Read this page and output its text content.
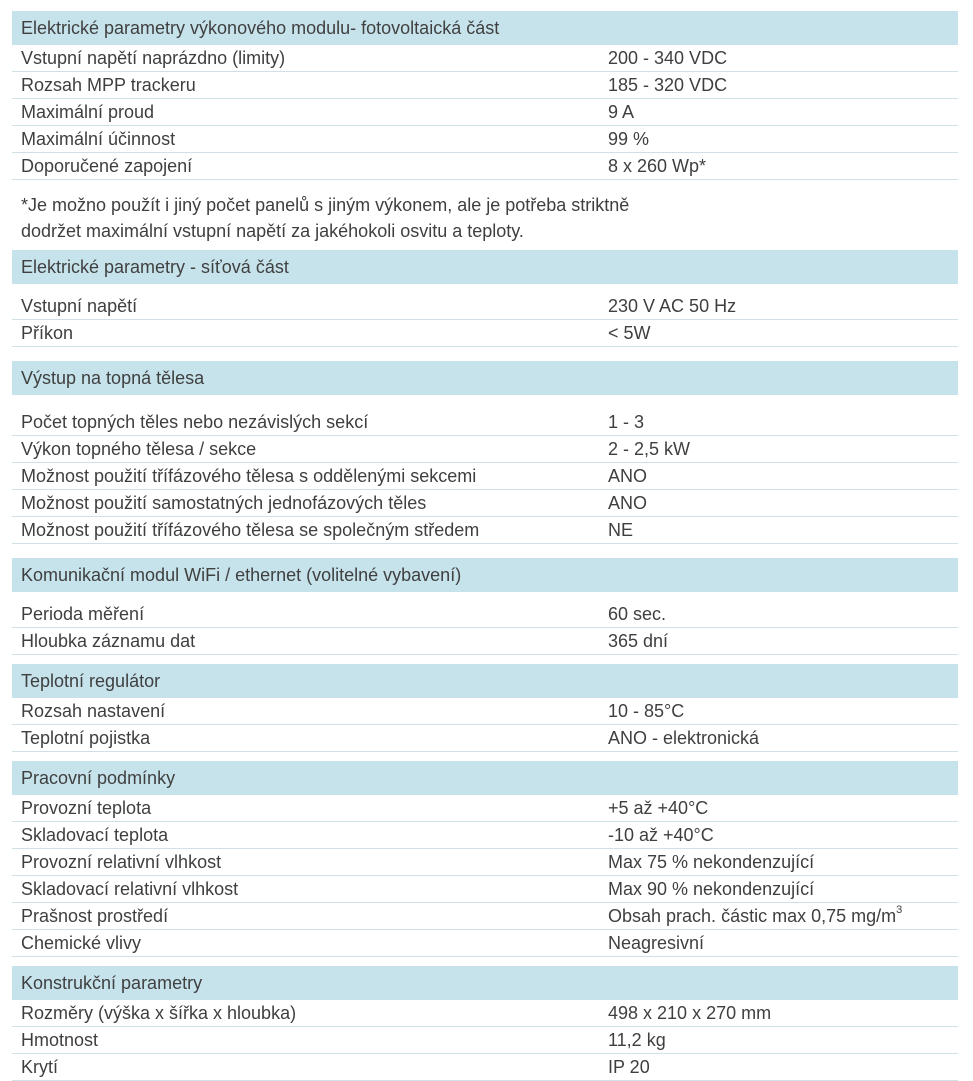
Elektrické parametry výkonového modulu- fotovoltaická část
Vstupní napětí naprázdno (limity)	200 - 340 VDC
Rozsah MPP trackeru	185 - 320 VDC
Maximální proud	9 A
Maximální účinnost	99 %
Doporučené zapojení	8 x 260 Wp*
*Je možno použít i jiný počet panelů s jiným výkonem, ale je potřeba striktně
dodržet maximální vstupní napětí za jakéhokoli osvitu a teploty.
Elektrické parametry - síťová část
Vstupní napětí	230 V AC 50 Hz
Příkon	< 5W
Výstup na topná tělesa
Počet topných těles nebo nezávislých sekcí	1 - 3
Výkon topného tělesa / sekce	2 - 2,5 kW
Možnost použití třífázového tělesa s oddělenými sekcemi	ANO
Možnost použití samostatných jednofázových těles	ANO
Možnost použití třífázového tělesa se společným středem	NE
Komunikační modul WiFi / ethernet (volitelné vybavení)
Perioda měření	60 sec.
Hloubka záznamu dat	365 dní
Teplotní regulátor
Rozsah nastavení	10 - 85°C
Teplotní pojistka	ANO - elektronická
Pracovní podmínky
Provozní teplota	+5 až +40°C
Skladovací teplota	-10 až +40°C
Provozní relativní vlhkost	Max 75 % nekondenzující
Skladovací relativní vlhkost	Max 90 % nekondenzující
Prašnost prostředí	Obsah prach. částic max 0,75 $mg/m^3$
Chemické vlivy	Neagresivní
Konstrukční parametry
Rozměry (výška x šířka x hloubka)	498 x 210 x 270 mm
Hmotnost	11,2 kg
Krytí	IP 20
